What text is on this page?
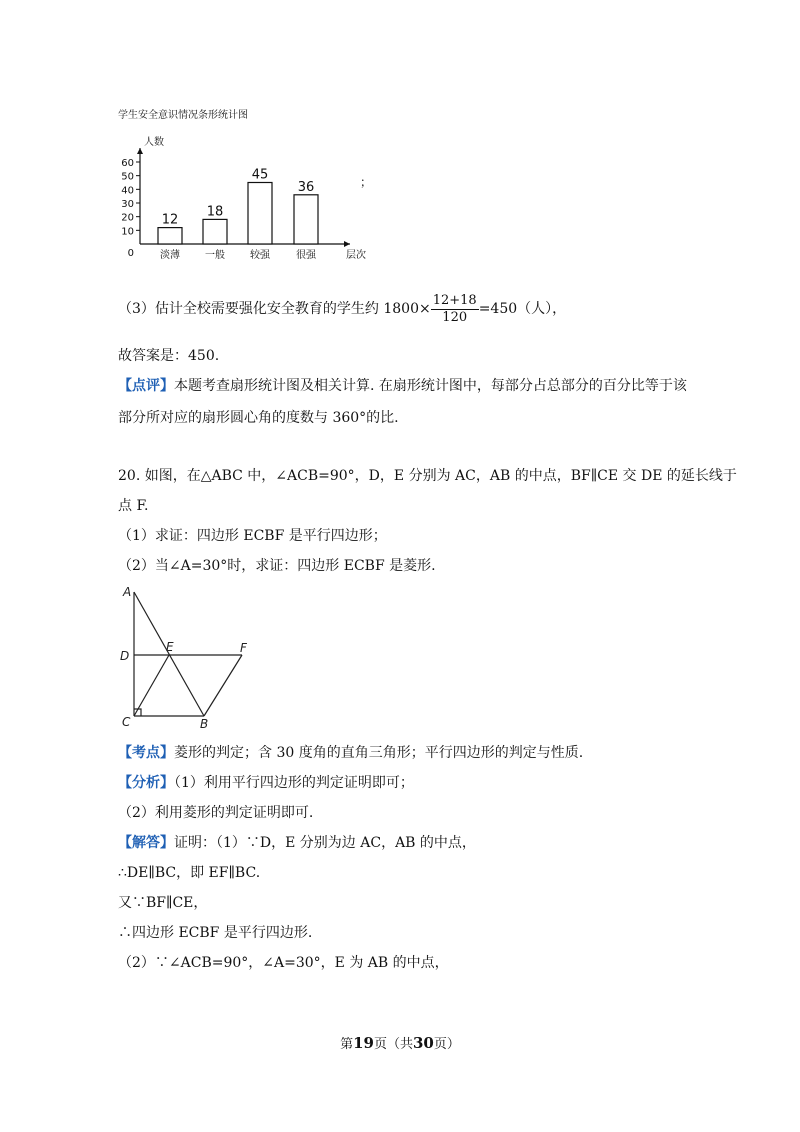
学生安全意识情况条形统计图
人数
0
10
20
30
40
50
60
12
淡薄
18
一般
45
较强
36
很强	层次
；
（3）估计全校需要强化安全教育的学生约 $1800\times \frac{12+18}{120} =450$（人），
故答案是：450.
【点评】本题考查扇形统计图及相关计算. 在扇形统计图中，每部分占总部分的百分比等于该
部分所对应的扇形圆心角的度数与 360°的比.
20. 如图，在△ABC 中，∠ACB=90°，D，E 分别为 AC，AB 的中点，BF∥CE 交 DE 的延长线于
点 F.
（1）求证：四边形 ECBF 是平行四边形；
（2）当∠A=30°时，求证：四边形 ECBF 是菱形.
A
D
E	F
C	B
【考点】菱形的判定；含 30 度角的直角三角形；平行四边形的判定与性质.
【分析】（1）利用平行四边形的判定证明即可；
（2）利用菱形的判定证明即可.
【解答】证明：（1）∵D，E 分别为边 AC，AB 的中点，
∴DE∥BC，即 EF∥BC.
又∵BF∥CE，
∴四边形 ECBF 是平行四边形.
（2）∵∠ACB=90°，∠A=30°，E 为 AB 的中点，
第19页（共30页）
